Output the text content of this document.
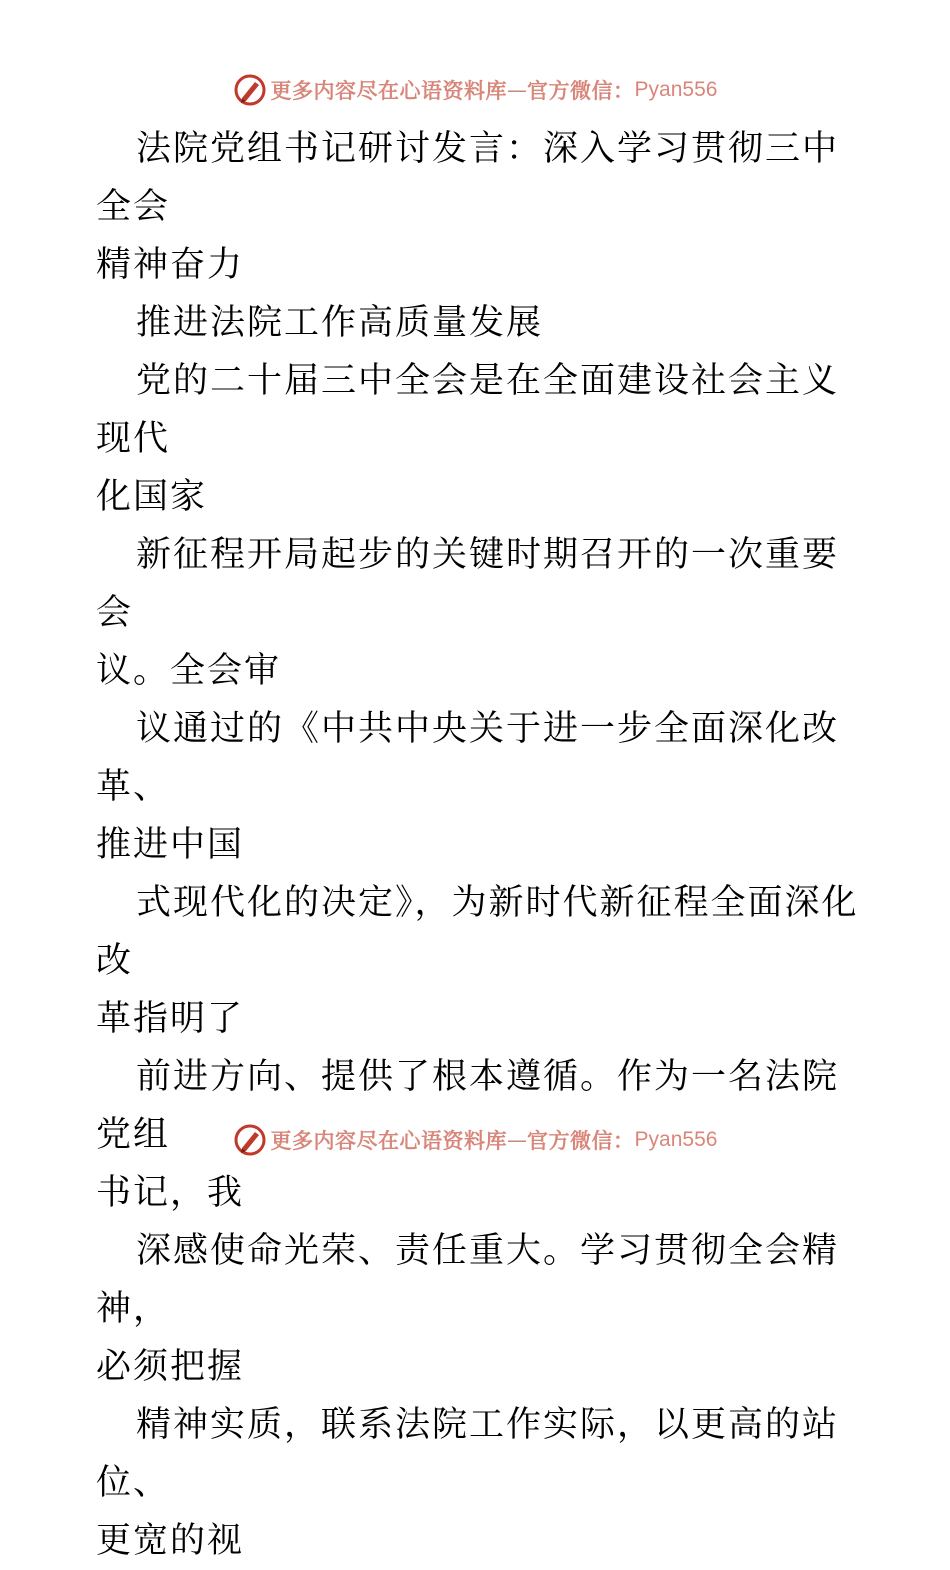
更多内容尽在心语资料库 — 官方微信： Pyan556

法院党组书记研讨发言：深入学习贯彻三中全会
精神奋力

推进法院工作高质量发展

党的二十届三中全会是在全面建设社会主义现代
化国家

新征程开局起步的关键时期召开的一次重要会
议。全会审

议通过的《中共中央关于进一步全面深化改革、
推进中国

式现代化的决定》，为新时代新征程全面深化改
革指明了

前进方向、提供了根本遵循。作为一名法院党组
书记，我

深感使命光荣、责任重大。学习贯彻全会精神，
必须把握

精神实质，联系法院工作实际，以更高的站位、
更宽的视

更多内容尽在心语资料库 — 官方微信： Pyan556
